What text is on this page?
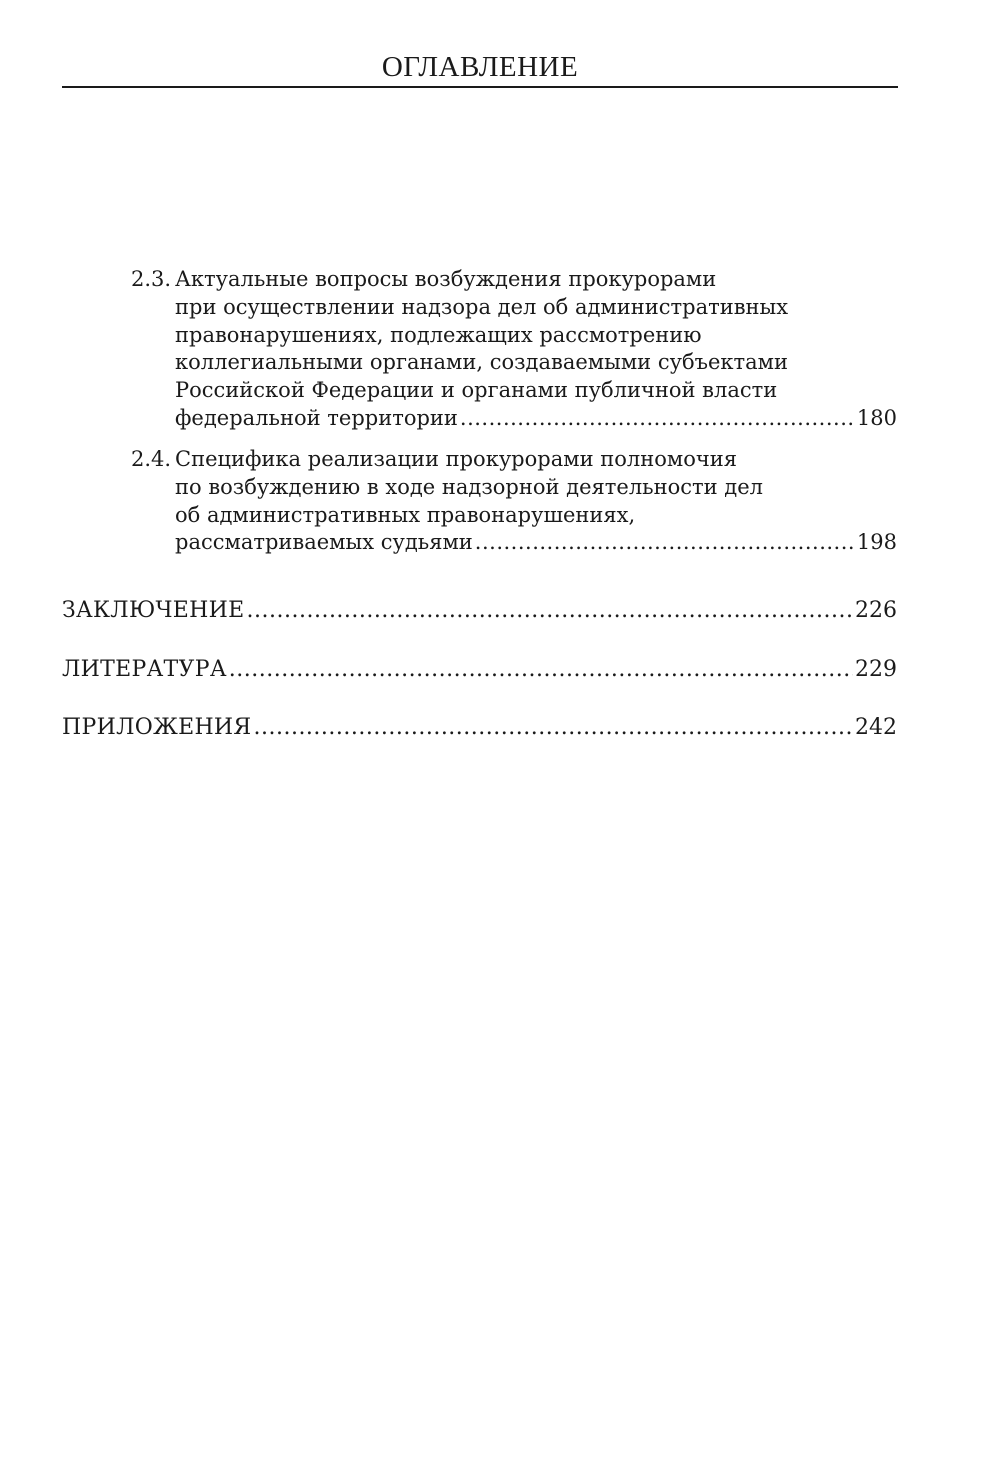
ОГЛАВЛЕНИЕ
2.3. Актуальные вопросы возбуждения прокурорами
при осуществлении надзора дел об административных
правонарушениях, подлежащих рассмотрению
коллегиальными органами, создаваемыми субъектами
Российской Федерации и органами публичной власти
федеральной территории .....	180
2.4. Специфика реализации прокурорами полномочия
по возбуждению в ходе надзорной деятельности дел
об административных правонарушениях,
рассматриваемых судьями .....	198
ЗАКЛЮЧЕНИЕ .....	226
ЛИТЕРАТУРА .....	229
ПРИЛОЖЕНИЯ .....	242
